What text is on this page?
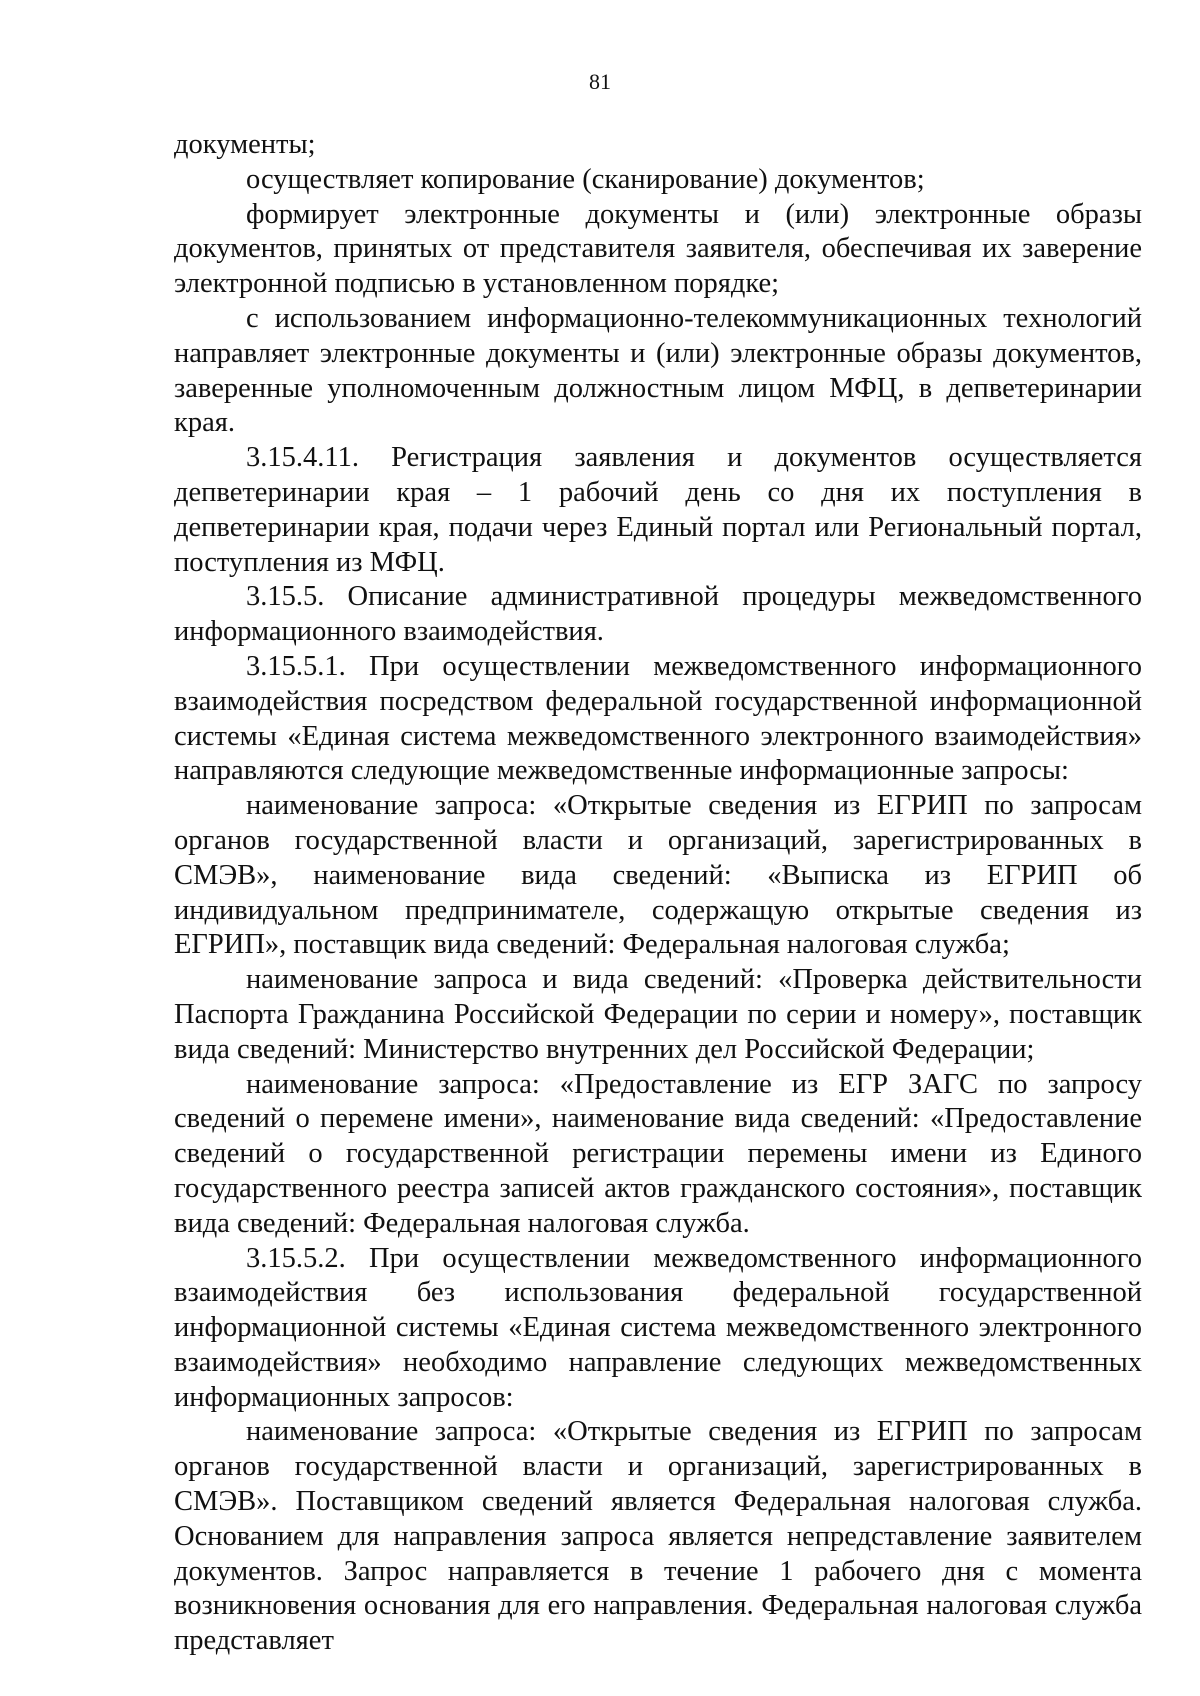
81

документы;

осуществляет копирование (сканирование) документов;

формирует электронные документы и (или) электронные образы документов, принятых от представителя заявителя, обеспечивая их заверение электронной подписью в установленном порядке;

с использованием информационно-телекоммуникационных технологий направляет электронные документы и (или) электронные образы документов, заверенные уполномоченным должностным лицом МФЦ, в депветеринарии края.

3.15.4.11. Регистрация заявления и документов осуществляется депветеринарии края – 1 рабочий день со дня их поступления в депветеринарии края, подачи через Единый портал или Региональный портал, поступления из МФЦ.

3.15.5. Описание административной процедуры межведомственного информационного взаимодействия.

3.15.5.1. При осуществлении межведомственного информационного взаимодействия посредством федеральной государственной информационной системы «Единая система межведомственного электронного взаимодействия» направляются следующие межведомственные информационные запросы:

наименование запроса: «Открытые сведения из ЕГРИП по запросам органов государственной власти и организаций, зарегистрированных в СМЭВ», наименование вида сведений: «Выписка из ЕГРИП об индивидуальном предпринимателе, содержащую открытые сведения из ЕГРИП», поставщик вида сведений: Федеральная налоговая служба;

наименование запроса и вида сведений: «Проверка действительности Паспорта Гражданина Российской Федерации по серии и номеру», поставщик вида сведений: Министерство внутренних дел Российской Федерации;

наименование запроса: «Предоставление из ЕГР ЗАГС по запросу сведений о перемене имени», наименование вида сведений: «Предоставление сведений о государственной регистрации перемены имени из Единого государственного реестра записей актов гражданского состояния», поставщик вида сведений: Федеральная налоговая служба.

3.15.5.2. При осуществлении межведомственного информационного взаимодействия без использования федеральной государственной информационной системы «Единая система межведомственного электронного взаимодействия» необходимо направление следующих межведомственных информационных запросов:

наименование запроса: «Открытые сведения из ЕГРИП по запросам органов государственной власти и организаций, зарегистрированных в СМЭВ». Поставщиком сведений является Федеральная налоговая служба. Основанием для направления запроса является непредставление заявителем документов. Запрос направляется в течение 1 рабочего дня с момента возникновения основания для его направления. Федеральная налоговая служба представляет
